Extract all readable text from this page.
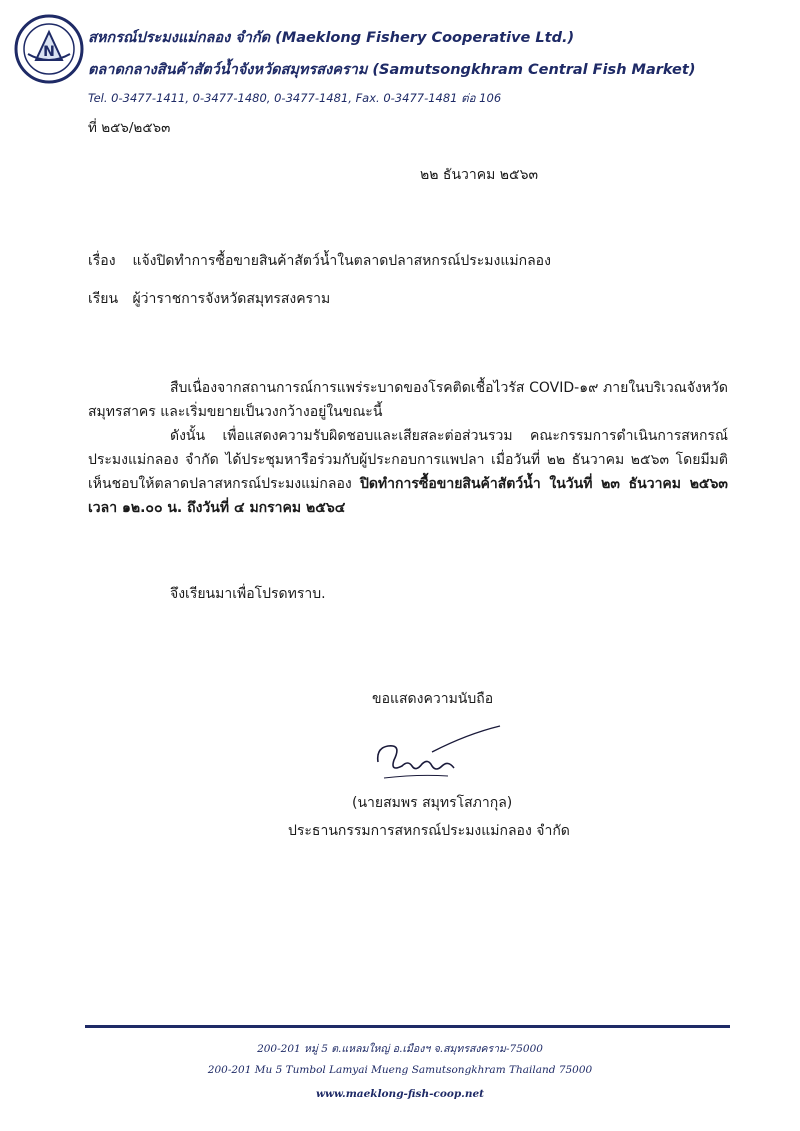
N
สหกรณ์ประมงแม่กลอง จำกัด (Maeklong Fishery Cooperative Ltd.)
ตลาดกลางสินค้าสัตว์น้ำจังหวัดสมุทรสงคราม (Samutsongkhram Central Fish Market)
Tel. 0-3477-1411, 0-3477-1480, 0-3477-1481, Fax. 0-3477-1481 ต่อ 106
ที่ ๒๕๖/๒๕๖๓
๒๒ ธันวาคม ๒๕๖๓
เรื่อง แจ้งปิดทำการซื้อขายสินค้าสัตว์น้ำในตลาดปลาสหกรณ์ประมงแม่กลอง
เรียน ผู้ว่าราชการจังหวัดสมุทรสงคราม

สืบเนื่องจากสถานการณ์การแพร่ระบาดของโรคติดเชื้อไวรัส COVID-๑๙ ภายในบริเวณจังหวัดสมุทรสาคร และเริ่มขยายเป็นวงกว้างอยู่ในขณะนี้

ดังนั้น เพื่อแสดงความรับผิดชอบและเสียสละต่อส่วนรวม คณะกรรมการดำเนินการสหกรณ์ประมงแม่กลอง จำกัด ได้ประชุมหารือร่วมกับผู้ประกอบการแพปลา เมื่อวันที่ ๒๒ ธันวาคม ๒๕๖๓ โดยมีมติเห็นชอบให้ตลาดปลาสหกรณ์ประมงแม่กลอง ปิดทำการซื้อขายสินค้าสัตว์น้ำ ในวันที่ ๒๓ ธันวาคม ๒๕๖๓ เวลา ๑๒.๐๐ น. ถึงวันที่ ๔ มกราคม ๒๕๖๔

จึงเรียนมาเพื่อโปรดทราบ.
ขอแสดงความนับถือ
(นายสมพร สมุทรโสภากุล)
ประธานกรรมการสหกรณ์ประมงแม่กลอง จำกัด
200-201 หมู่ 5 ต.แหลมใหญ่ อ.เมืองฯ จ.สมุทรสงคราม-75000
200-201 Mu 5 Tumbol Lamyai Mueng Samutsongkhram Thailand 75000
www.maeklong-fish-coop.net
